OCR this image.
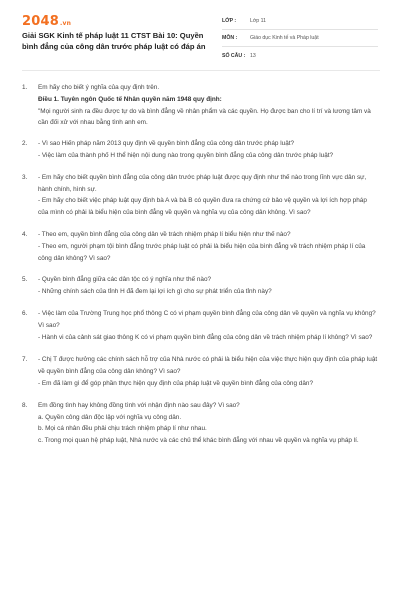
2048.vn
Giải SGK Kinh tế pháp luật 11 CTST Bài 10: Quyền bình đẳng của công dân trước pháp luật có đáp án
LỚP :	Lớp 11
MÔN :	Giáo dục Kinh tế và Pháp luật
SỐ CÂU : 13
1.	Em hãy cho biết ý nghĩa của quy định trên.

Điều 1. Tuyên ngôn Quốc tế Nhân quyền năm 1948 quy định:

"Mọi người sinh ra đều được tự do và bình đẳng về nhân phẩm và các quyền. Họ được ban cho lí trí và lương tâm và cần đối xử với nhau bằng tình anh em.

2.	- Vì sao Hiến pháp năm 2013 quy định về quyền bình đẳng của công dân trước pháp luật?

- Việc làm của thành phố H thể hiện nội dung nào trong quyền bình đẳng của công dân trước pháp luật?

3.	- Em hãy cho biết quyền bình đẳng của công dân trước pháp luật được quy định như thế nào trong lĩnh vực dân sự, hành chính, hình sự.

- Em hãy cho biết việc pháp luật quy định bà A và bà B có quyền đưa ra chứng cứ bảo vệ quyền và lợi ích hợp pháp của mình có phải là biểu hiện của bình đẳng về quyền và nghĩa vụ của công dân không. Vì sao?

4.	- Theo em, quyền bình đẳng của công dân về trách nhiệm pháp lí biểu hiện như thế nào?

- Theo em, người phạm tội bình đẳng trước pháp luật có phải là biểu hiện của bình đẳng về trách nhiệm pháp lí của công dân không? Vì sao?

5.	- Quyền bình đẳng giữa các dân tộc có ý nghĩa như thế nào?

- Những chính sách của tỉnh H đã đem lại lợi ích gì cho sự phát triển của tỉnh này?

6.	- Việc làm của Trường Trung học phổ thông C có vi phạm quyền bình đẳng của công dân về quyền và nghĩa vụ không? Vì sao?

- Hành vi của cảnh sát giao thông K có vi phạm quyền bình đẳng của công dân về trách nhiệm pháp lí không? Vì sao?

7.	- Chị T được hưởng các chính sách hỗ trợ của Nhà nước có phải là biểu hiện của việc thực hiện quy định của pháp luật về quyền bình đẳng của công dân không? Vì sao?

- Em đã làm gì để góp phần thực hiện quy định của pháp luật về quyền bình đẳng của công dân?

8.	Em đồng tình hay không đồng tình với nhận định nào sau đây? Vì sao?

a. Quyền công dân độc lập với nghĩa vụ công dân.

b. Mọi cá nhân đều phải chịu trách nhiệm pháp lí như nhau.

c. Trong mọi quan hệ pháp luật, Nhà nước và các chủ thể khác bình đẳng với nhau về quyền và nghĩa vụ pháp lí.
